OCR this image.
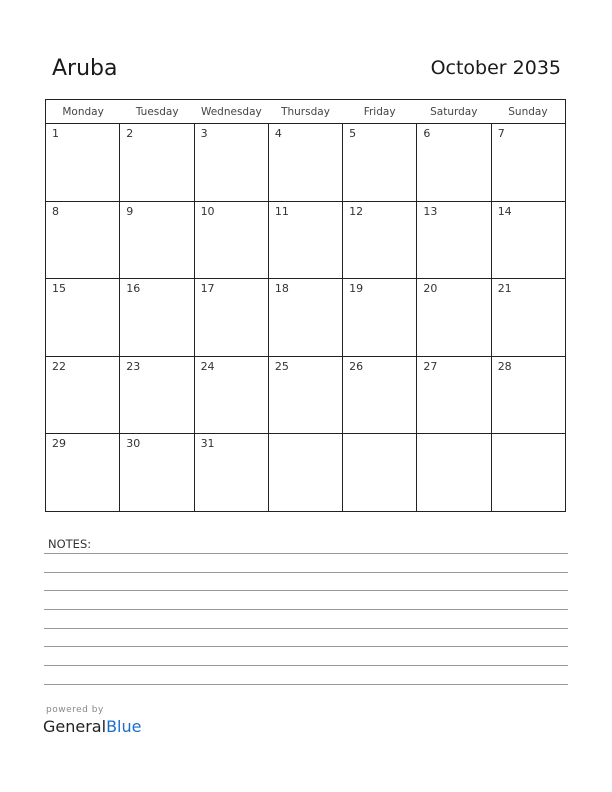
Aruba	October 2035
Monday	Tuesday	Wednesday	Thursday	Friday	Saturday	Sunday
1	2	3	4	5	6	7
8	9	10	11	12	13	14
15	16	17	18	19	20	21
22	23	24	25	26	27	28
29	30	31
NOTES:
powered by
GeneralBlue
